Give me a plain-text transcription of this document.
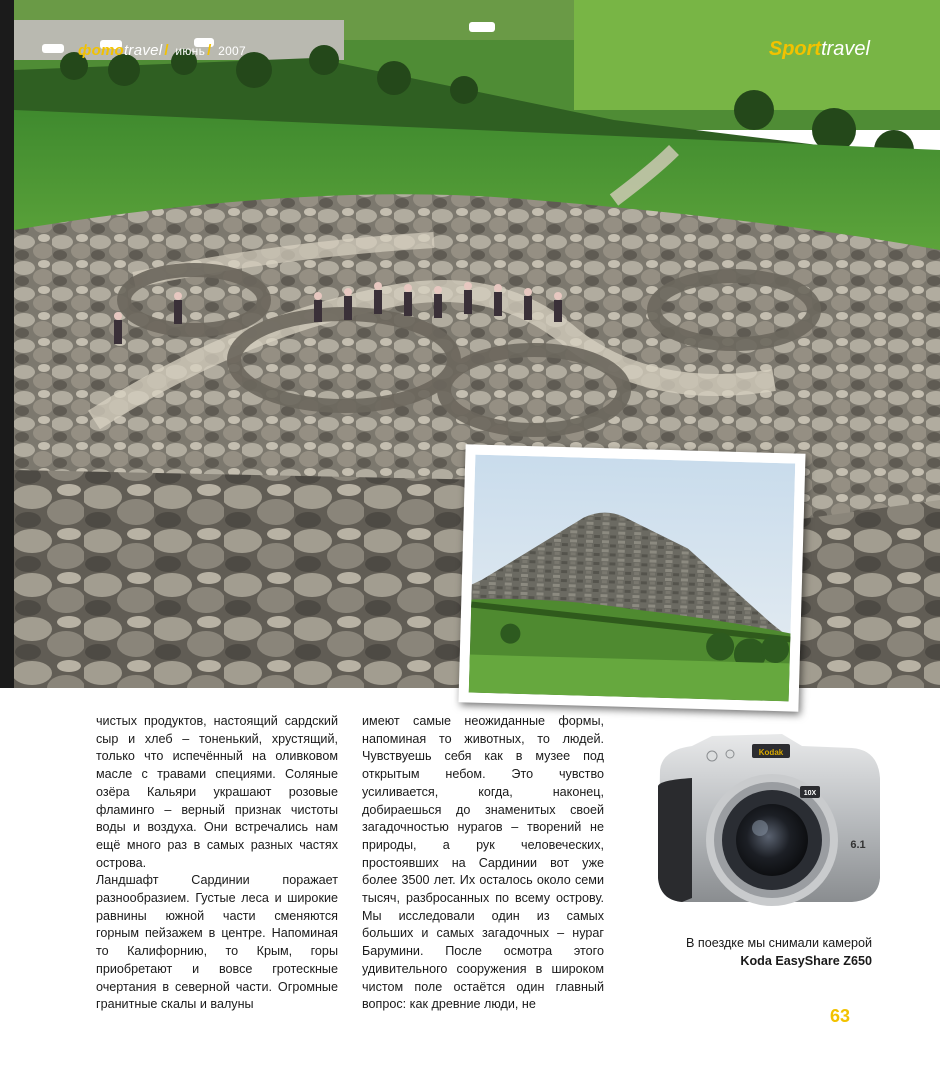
фотоtravel / июнь / 2007	Sporttravel

чистых продуктов, настоящий сардский сыр и хлеб – тоненький, хрустящий, только что испечённый на оливковом масле с травами специями. Соляные озёра Кальяри украшают розовые фламинго – верный признак чистоты воды и воздуха. Они встречались нам ещё много раз в самых разных частях острова.

Ландшафт Сардинии поражает разнообразием. Густые леса и широкие равнины южной части сменяются горным пейзажем в центре. Напоминая то Калифорнию, то Крым, горы приобретают и вовсе гротескные очертания в северной части. Огромные гранитные скалы и валуны

имеют самые неожиданные формы, напоминая то животных, то людей. Чувствуешь себя как в музее под открытым небом. Это чувство усиливается, когда, наконец, добираешься до знаменитых своей загадочностью нурагов – творений не природы, а рук человеческих, простоявших на Сардинии вот уже более 3500 лет. Их осталось около семи тысяч, разбросанных по всему острову. Мы исследовали один из самых больших и самых загадочных – нураг Барумини. После осмотра этого удивительного сооружения в широком чистом поле остаётся один главный вопрос: как древние люди, не

10X
Kodak
6.1
В поездке мы снимали камерой
Koda EasyShare Z650
63
